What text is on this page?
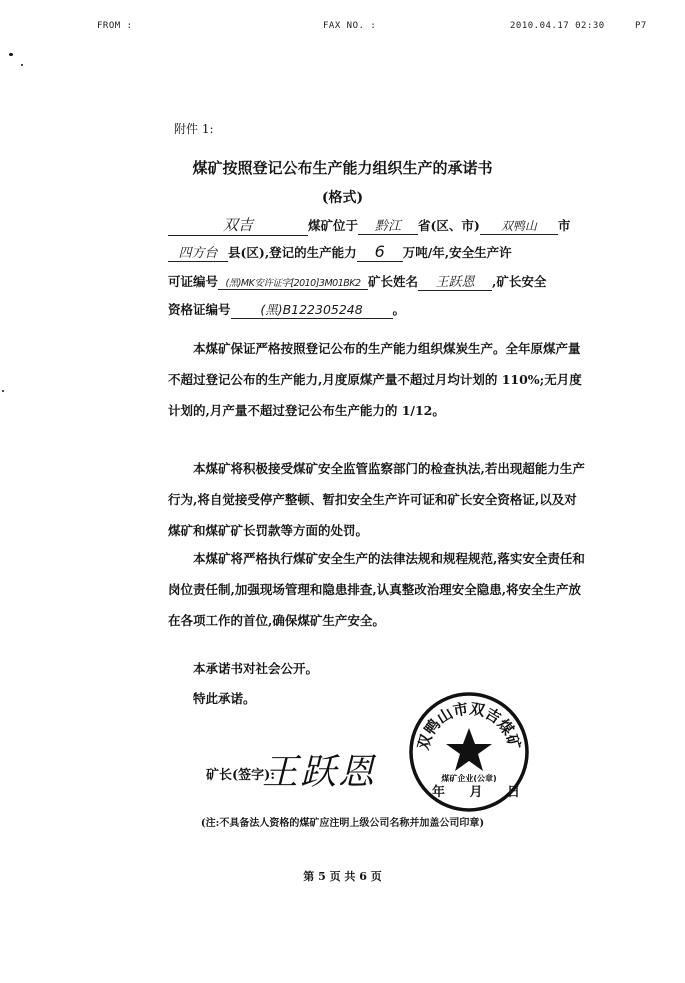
FROM :	FAX NO. :	2010.04.17 02:30	P7
附件 1:
煤矿按照登记公布生产能力组织生产的承诺书
(格式)
双吉	煤矿位于 黔江 省(区、市) 双鸭山 市
四方台 县(区),登记的生产能力 6 万吨/年,安全生产许
可证编号 (黑)MK安许证字[2010]3M01BK2 矿长姓名 王跃恩 ,矿长安全
资格证编号 (黑)B122305248 。

本煤矿保证严格按照登记公布的生产能力组织煤炭生产。全年原煤产量不超过登记公布的生产能力,月度原煤产量不超过月均计划的 110%;无月度计划的,月产量不超过登记公布生产能力的 1/12。

本煤矿将积极接受煤矿安全监管监察部门的检查执法,若出现超能力生产行为,将自觉接受停产整顿、暂扣安全生产许可证和矿长安全资格证,以及对煤矿和煤矿矿长罚款等方面的处罚。

本煤矿将严格执行煤矿安全生产的法律法规和规程规范,落实安全责任和岗位责任制,加强现场管理和隐患排查,认真整改治理安全隐患,将安全生产放在各项工作的首位,确保煤矿生产安全。

本承诺书对社会公开。

特此承诺。

双鸭山市双吉煤矿
煤矿企业(公章)
矿长(签字):
王跃恩	年 月 日
(注:不具备法人资格的煤矿应注明上级公司名称并加盖公司印章)
第 5 页 共 6 页
